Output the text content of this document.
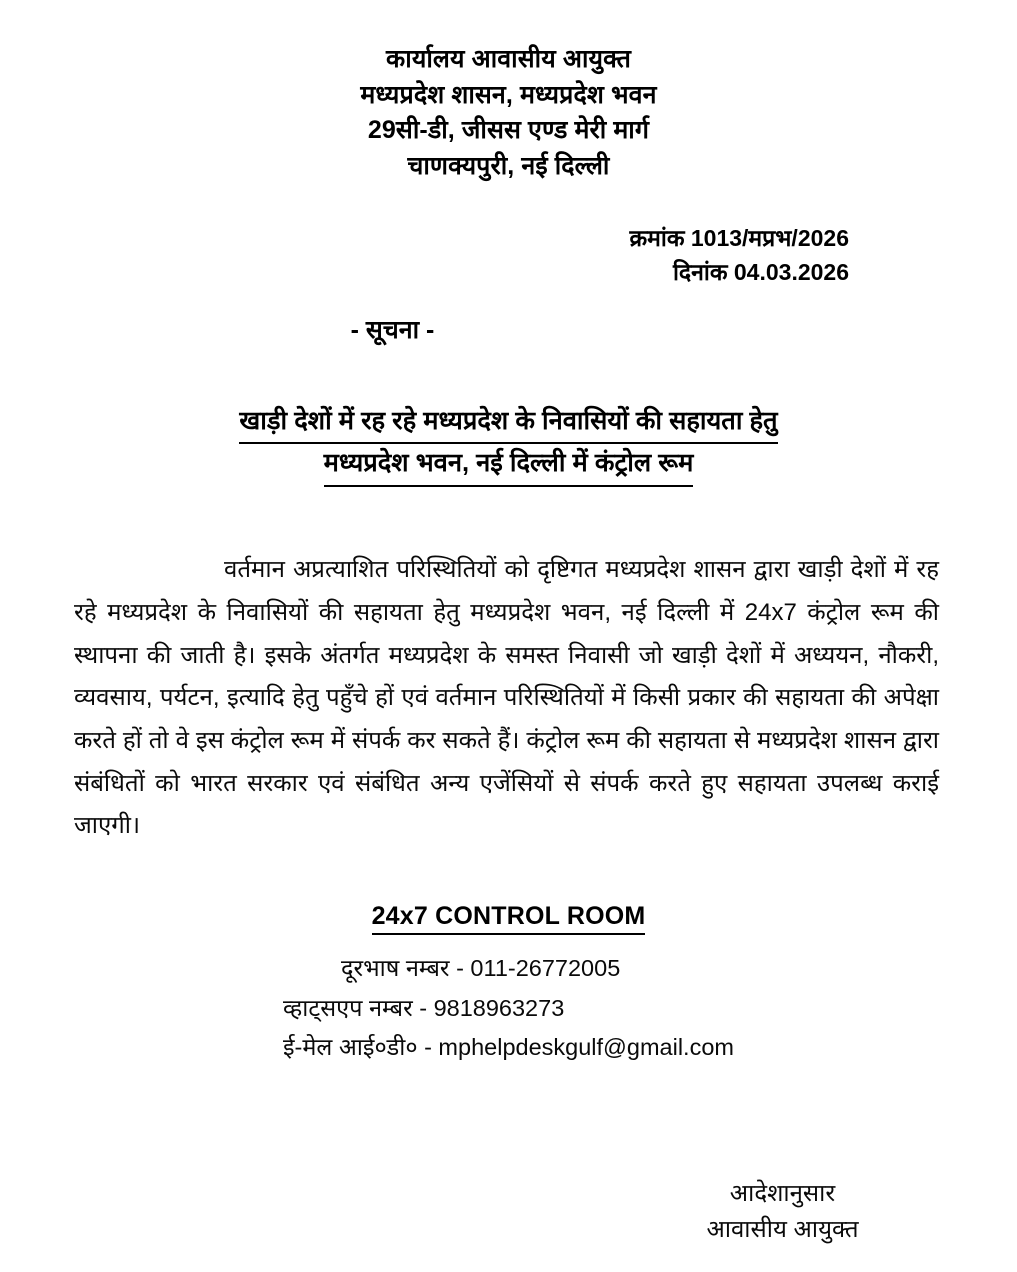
कार्यालय आवासीय आयुक्त
मध्यप्रदेश शासन, मध्यप्रदेश भवन
29सी-डी, जीसस एण्ड मेरी मार्ग
चाणक्यपुरी, नई दिल्ली
क्रमांक 1013/मप्रभ/2026
दिनांक 04.03.2026
- सूचना -
खाड़ी देशों में रह रहे मध्यप्रदेश के निवासियों की सहायता हेतु
मध्यप्रदेश भवन, नई दिल्ली में कंट्रोल रूम

वर्तमान अप्रत्याशित परिस्थितियों को दृष्टिगत मध्यप्रदेश शासन द्वारा खाड़ी देशों में रह रहे मध्यप्रदेश के निवासियों की सहायता हेतु मध्यप्रदेश भवन, नई दिल्ली में 24x7 कंट्रोल रूम की स्थापना की जाती है। इसके अंतर्गत मध्यप्रदेश के समस्त निवासी जो खाड़ी देशों में अध्ययन, नौकरी, व्यवसाय, पर्यटन, इत्यादि हेतु पहुँचे हों एवं वर्तमान परिस्थितियों में किसी प्रकार की सहायता की अपेक्षा करते हों तो वे इस कंट्रोल रूम में संपर्क कर सकते हैं। कंट्रोल रूम की सहायता से मध्यप्रदेश शासन द्वारा संबंधितों को भारत सरकार एवं संबंधित अन्य एजेंसियों से संपर्क करते हुए सहायता उपलब्ध कराई जाएगी।

24x7 CONTROL ROOM
दूरभाष नम्बर - 011-26772005
व्हाट्सएप नम्बर - 9818963273
ई-मेल आई०डी० - mphelpdeskgulf@gmail.com
आदेशानुसार
आवासीय आयुक्त
